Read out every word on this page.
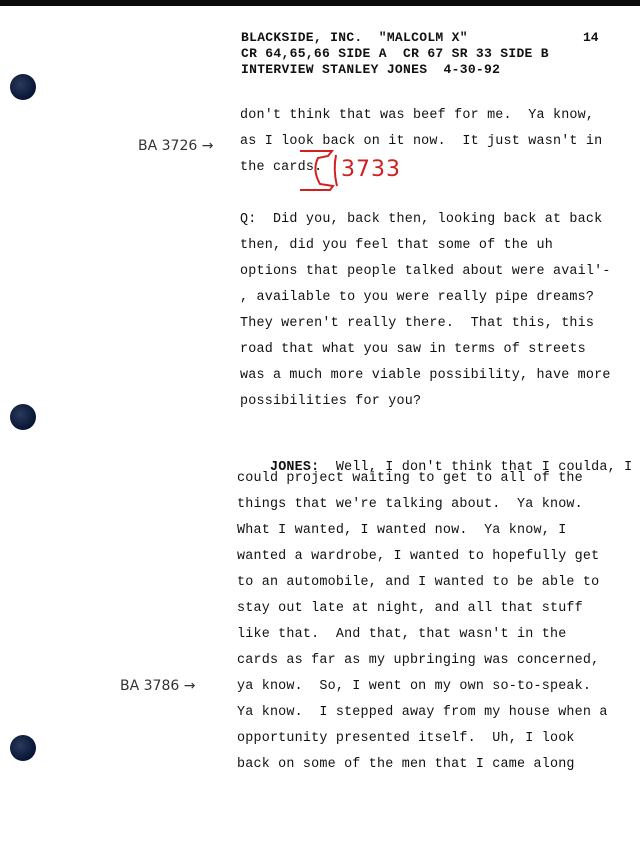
BLACKSIDE, INC.  "MALCOLM X"
CR 64,65,66 SIDE A  CR 67 SR 33 SIDE B
INTERVIEW STANLEY JONES  4-30-92
14
BA 3726 →
BA 3786 →
3733
don't think that was beef for me.  Ya know,
as I look back on it now.  It just wasn't in
the cards.
Q:  Did you, back then, looking back at back
then, did you feel that some of the uh
options that people talked about were avail'-
, available to you were really pipe dreams?
They weren't really there.  That this, this
road that what you saw in terms of streets
was a much more viable possibility, have more
possibilities for you?

JONES:  Well, I don't think that I coulda, I

could project waiting to get to all of the
things that we're talking about.  Ya know.
What I wanted, I wanted now.  Ya know, I
wanted a wardrobe, I wanted to hopefully get
to an automobile, and I wanted to be able to
stay out late at night, and all that stuff
like that.  And that, that wasn't in the
cards as far as my upbringing was concerned,
ya know.  So, I went on my own so-to-speak.
Ya know.  I stepped away from my house when a
opportunity presented itself.  Uh, I look
back on some of the men that I came along
